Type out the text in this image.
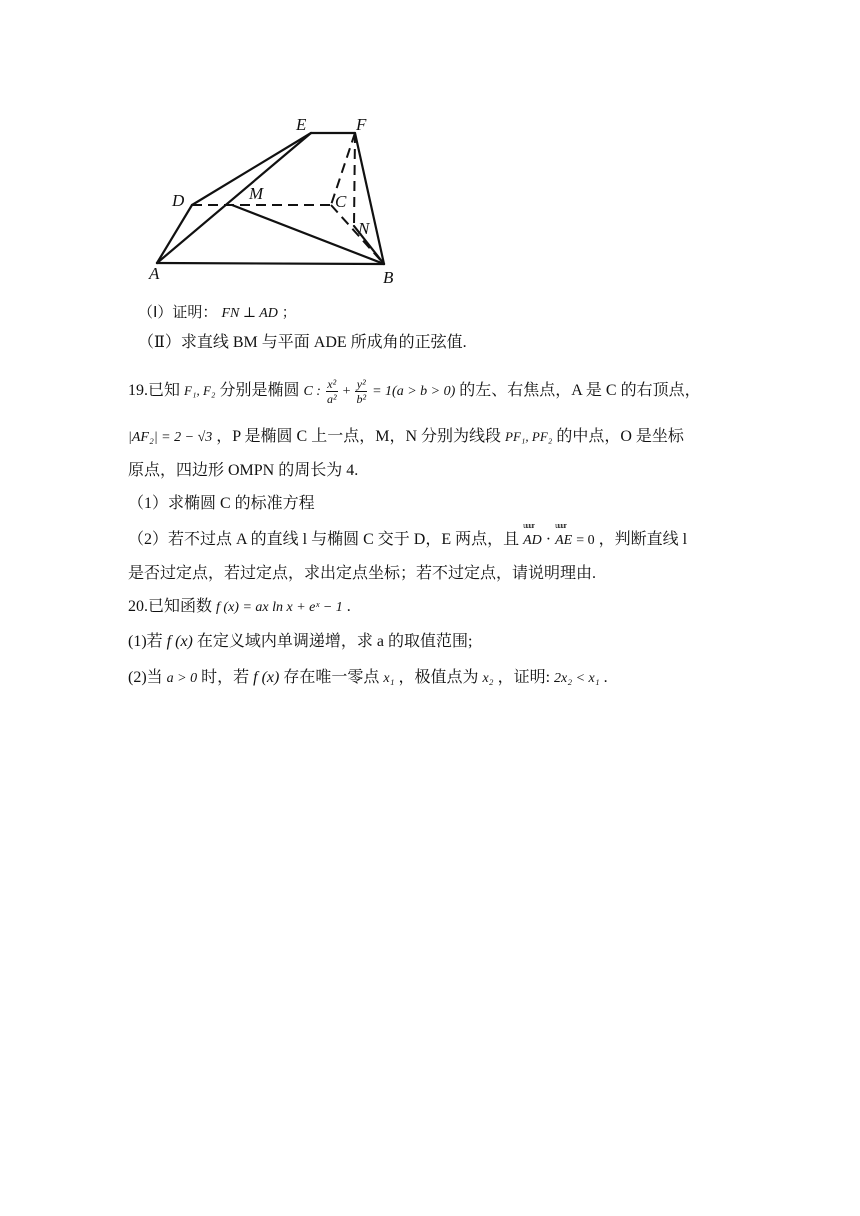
E	F
D	M	C
N
A	B
（Ⅰ）证明： FN ⊥ AD ；
（Ⅱ）求直线 BM 与平面 ADE 所成角的正弦值.
19.已知 F₁, F₂ 分别是椭圆 C : $\frac{\text{x²}}{\text{a²}} + \frac{\text{y²}}{\text{b²}} = 1(a > b > 0)$ 的左、右焦点，A 是 C 的右顶点，
|AF₂| = 2 − √3 ，P 是椭圆 C 上一点，M，N 分别为线段 PF₁, PF₂ 的中点，O 是坐标
原点，四边形 OMPN 的周长为 4.
（1）求椭圆 C 的标准方程
（2）若不过点 A 的直线 l 与椭圆 C 交于 D，E 两点，且
uuur
AD ·
uuur
AE = 0 ，判断直线 l
是否过定点，若过定点，求出定点坐标；若不过定点，请说明理由.
20.已知函数 f (x) = ax ln x + eˣ − 1 .
(1)若 f (x) 在定义域内单调递增，求 a 的取值范围;
(2)当 a > 0 时，若 f (x) 存在唯一零点 x₁ ，极值点为 x₂ ，证明: 2x₂ < x₁ .
